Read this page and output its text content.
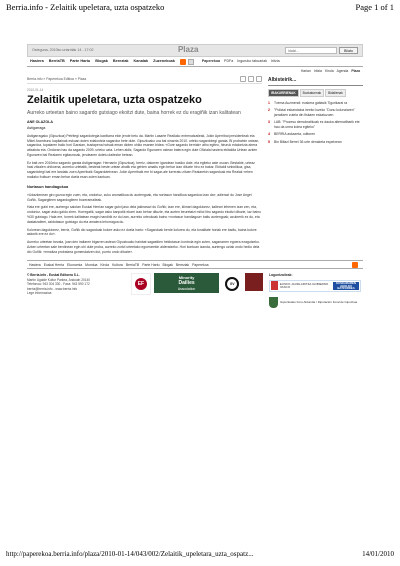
Berria.info - Zelaitik upeletara, uzta ospatzeko	Page 1 of 1
Osteguna, 2010ko urtarrilak 14 - 17:02	Plaza	Idatzi...	Bilatu
Hasiera BerriaTB Parte Hartu Blogak Bereziak Kanalak Zuzenekoak	Paperekoa PDFa Inguruko tabuariak Iritzia
Harian Iritzia Kirola Agenda Plaza
Berria.info » Paperekoa Editioa » Plaza
2010-01-14
Zelaitik upeletara, uzta ospatzeko
Aurreko urteetan baino sagardo gutxiago ekoitzi dute, baina horrek ez du eragiñik izan kalitatean
ANE OLAZOLA
Astigarraga

Astigarragako (Gipuzkoa) Petritegi sagardotegia kaxitiarra ekin jende betu da. Martin Lasarte Reallako entrenatzaileak, Jokin Aperribai presidenteak eta Mikel Arambunu kapitainak eskuan duten edalontzia sagardoz bete dute. Gipuzkoako ura bai oinarria 2010. urteko sagardotegi garaia. Bi probatxin ostean, sagardoa, tupalaren balio hori Garaian, bustapena hotsak eman dioten ohiko esanen bidea: «Gure sagardo berriak» atho egiteu, hiruruk edalontzia airera altxatuta eta. Ondoran hau da sagardo 2009. urteko uzta. Lehen aldiz, Sagardo Egunaren ostean batera egin dute Ofiziala hasiera ekitaldia Urtean azken Egunaren bai Realaren egitasmoak, jendearen dotetu daitezke betean.

Ez bait zen 2010eko sagardo garaia Astigarragan: Hernanin (Gipuzkoa), berriz, datorren igandean hasiko dute, eta egiteko aste osoan. Bestalde, urteaz hasi zitzaien ohikoena, aurreko urtetatik, besteak beste urtean ahalik eta gehien amaitu egin behar izan dituzte hiru ez bakar. Ekitaldi sinbolikoa, gisa, sagardotegi bat ere landatu zuen Aperribaik Sagardotetxean. Jokin Aperribaik ere bi sagar-ale lurreratu zituen Realarekin sagardoak eta Realak «ehen mailako fruitua» eman behar duela esan zuten kantuan.

Nortasun handiagokoa

«Udazkenean giro gozoa egin zuen, eta, ondorioz, zuku aromatikoa du aurtengoak, eta nortasun handikoa sagardoa izan da», adierazi du Jose Angel Goñik, Sagargileen sagardogileen bozeramaileak.

Hala ere gutxi ere, aurtengo saiotan Euskal Herrian sagar gutxi jaso dela jakinarazi du Goñik; izan ere, klimari dagokionez, kaltearí lehenen izan zen, eta, ondorioz, sagar asko galdu ziren. Horregatik, sagar asko kanpotik ekarri izan behar dituzte, eta aurten beuretatzi milioi litro sagardo ekoitzi dituzte, iaz baino %30 gutxiago. Hala ere, horrek kalitatean eragin handirik ez du izan, aurreko urteokoak baino «nortasun handiagoa» baitu aurtengoak; azukrerik ez du, eta dastatzaileei, azidotasun gutxiago du eta amaiera lehorragoa du.

Kolorean dagokionez, berriz, Goñik dio sagardoak kolore asko ez duela hartu: «Sagardoak berde kolorea du, eta tonalitate horiak ere badtu, baina kolore askorik ere ez du».

Aurreko urteetan bezala, joan den irailaren bigarren astean Gipuzkoako hainbat sagasttien heldutasun kontrola egin zuten, saganarren egoera ezagutzeko. Azken urteetan sale berdinean egin ohi dute proba, aurreko zortzi urteetako egoerarekin alderatzeko. Hori kontuan izanda, aurtengo uztak ondo hediu dela dio Goñik: «emaitza probatzea gomendatzen dut, purrtu ondo dituzte».

Albisteirik...
IRAKURRIENAK	Bozkatuenak	Bidalienak
1	Txema Auzmendi: euskera gaitasik Tigurikarai ra
2	"Polizial eskandaloa ireeko luzeko "Dunu kolunziaren" jarraitzen zutela din fiskaen eskatuzuen
3	LAB: "Prozesu demokratikoak ez dauka alternatibarik ete hau da unea kolea egiteko"
4	BERRIA askazeta, oditoren
5	Bin Billazi Berrei 36 urte denaketa espetxean
Hasiera Euskal Herria Ekonomia Mundua Kirola Kultura BerriaTB Parte Hartu Blogak Bereziak Paperekoa
© Berria.info - Euskal Editorea S.L.
Martin Ugalde Kultur Parkea, Andoain 20140
Telefonoa: 943 304 330 - Faxa: 943 590 172
berria@berria.info - www.berria.info
Lege informazioa
EF
Minority
Dailies
Association
GV
Laguntzaileak:
EUSKO JAURLARITZA GOBIERNO VASCO
EUSKARAREN AHOLKU BATZORDEA
Gipuzkoako Foru Aldundia / Diputación Foral de Gipuzkoa
http://paperekoa.berria.info/plaza/2010-01-14/043/002/Zelaitik_upeletara_uzta_ospatz...	14/01/2010
